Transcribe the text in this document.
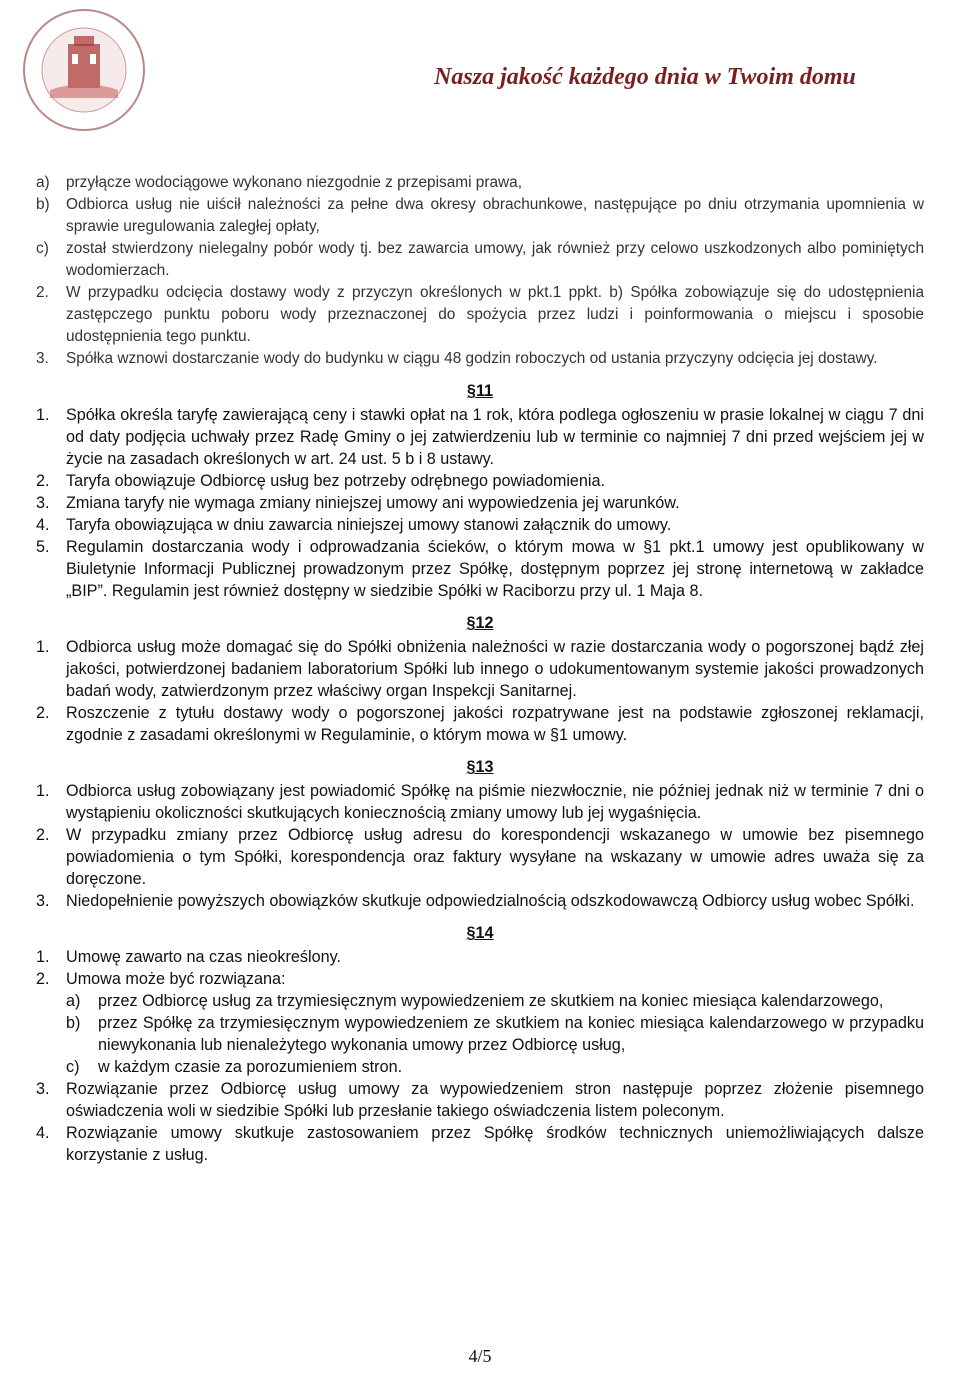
Nasza jakość każdego dnia w Twoim domu
a)	przyłącze wodociągowe wykonano niezgodnie z przepisami prawa,
b)	Odbiorca usług nie uiścił należności za pełne dwa okresy obrachunkowe, następujące po dniu otrzymania upomnienia w sprawie uregulowania zaległej opłaty,
c)	został stwierdzony nielegalny pobór wody tj. bez zawarcia umowy, jak również przy celowo uszkodzonych albo pominiętych wodomierzach.
2.	W przypadku odcięcia dostawy wody z przyczyn określonych w pkt.1 ppkt. b) Spółka zobowiązuje się do udostępnienia zastępczego punktu poboru wody przeznaczonej do spożycia przez ludzi i poinformowania o miejscu i sposobie udostępnienia tego punktu.
3.	Spółka wznowi dostarczanie wody do budynku w ciągu 48 godzin roboczych od ustania przyczyny odcięcia jej dostawy.
§11
1.	Spółka określa taryfę zawierającą ceny i stawki opłat na 1 rok, która podlega ogłoszeniu w prasie lokalnej w ciągu 7 dni od daty podjęcia uchwały przez Radę Gminy o jej zatwierdzeniu lub w terminie co najmniej 7 dni przed wejściem jej w życie na zasadach określonych w art. 24 ust. 5 b i 8 ustawy.
2.	Taryfa obowiązuje Odbiorcę usług bez potrzeby odrębnego powiadomienia.
3.	Zmiana taryfy nie wymaga zmiany niniejszej umowy ani wypowiedzenia jej warunków.
4.	Taryfa obowiązująca w dniu zawarcia niniejszej umowy stanowi załącznik do umowy.
5.	Regulamin dostarczania wody i odprowadzania ścieków, o którym mowa w §1 pkt.1 umowy jest opublikowany w Biuletynie Informacji Publicznej prowadzonym przez Spółkę, dostępnym poprzez jej stronę internetową w zakładce „BIP”. Regulamin jest również dostępny w siedzibie Spółki w Raciborzu przy ul. 1 Maja 8.
§12
1.	Odbiorca usług może domagać się do Spółki obniżenia należności w razie dostarczania wody o pogorszonej bądź złej jakości, potwierdzonej badaniem laboratorium Spółki lub innego o udokumentowanym systemie jakości prowadzonych badań wody, zatwierdzonym przez właściwy organ Inspekcji Sanitarnej.
2.	Roszczenie z tytułu dostawy wody o pogorszonej jakości rozpatrywane jest na podstawie zgłoszonej reklamacji, zgodnie z zasadami określonymi w Regulaminie, o którym mowa w §1 umowy.
§13
1.	Odbiorca usług zobowiązany jest powiadomić Spółkę na piśmie niezwłocznie, nie później jednak niż w terminie 7 dni o wystąpieniu okoliczności skutkujących koniecznością zmiany umowy lub jej wygaśnięcia.
2.	W przypadku zmiany przez Odbiorcę usług adresu do korespondencji wskazanego w umowie bez pisemnego powiadomienia o tym Spółki, korespondencja oraz faktury wysyłane na wskazany w umowie adres uważa się za doręczone.
3.	Niedopełnienie powyższych obowiązków skutkuje odpowiedzialnością odszkodowawczą Odbiorcy usług wobec Spółki.
§14
1.	Umowę zawarto na czas nieokreślony.
2.	Umowa może być rozwiązana:
a)	przez Odbiorcę usług za trzymiesięcznym wypowiedzeniem ze skutkiem na koniec miesiąca kalendarzowego,
b)	przez Spółkę za trzymiesięcznym wypowiedzeniem ze skutkiem na koniec miesiąca kalendarzowego w przypadku niewykonania lub nienależytego wykonania umowy przez Odbiorcę usług,
c)	w każdym czasie za porozumieniem stron.
3.	Rozwiązanie przez Odbiorcę usług umowy za wypowiedzeniem stron następuje poprzez złożenie pisemnego oświadczenia woli w siedzibie Spółki lub przesłanie takiego oświadczenia listem poleconym.
4.	Rozwiązanie umowy skutkuje zastosowaniem przez Spółkę środków technicznych uniemożliwiających dalsze korzystanie z usług.
4/5
